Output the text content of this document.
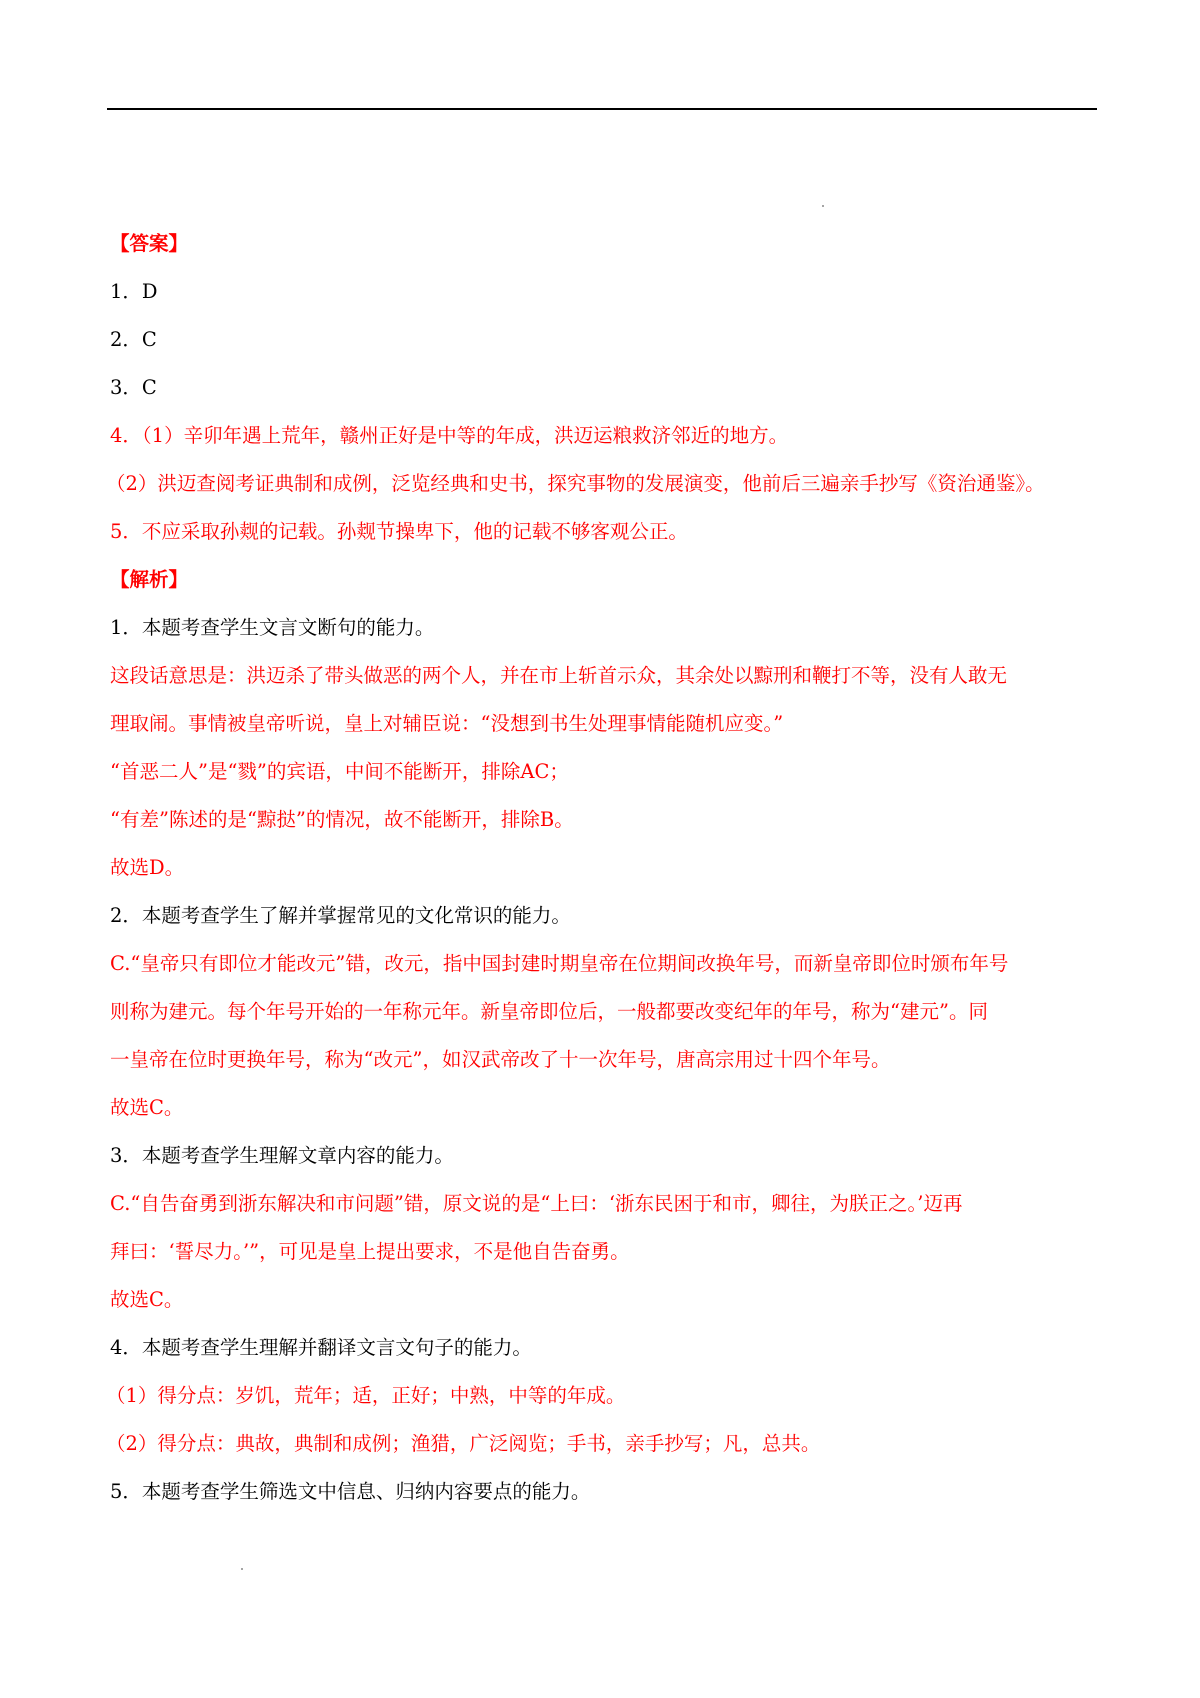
【答案】
1．D
2．C
3．C
4．（1）辛卯年遇上荒年，赣州正好是中等的年成，洪迈运粮救济邻近的地方。
（2）洪迈查阅考证典制和成例，泛览经典和史书，探究事物的发展演变，他前后三遍亲手抄写《资治通鉴》。
5．不应采取孙觌的记载。孙觌节操卑下，他的记载不够客观公正。
【解析】
1．本题考查学生文言文断句的能力。
这段话意思是：洪迈杀了带头做恶的两个人，并在市上斩首示众，其余处以黥刑和鞭打不等，没有人敢无
理取闹。事情被皇帝听说，皇上对辅臣说：“没想到书生处理事情能随机应变。”
“首恶二人”是“戮”的宾语，中间不能断开，排除AC；
“有差”陈述的是“黥挞”的情况，故不能断开，排除B。
故选D。
2．本题考查学生了解并掌握常见的文化常识的能力。
C.“皇帝只有即位才能改元”错，改元，指中国封建时期皇帝在位期间改换年号，而新皇帝即位时颁布年号
则称为建元。每个年号开始的一年称元年。新皇帝即位后，一般都要改变纪年的年号，称为“建元”。同
一皇帝在位时更换年号，称为“改元”，如汉武帝改了十一次年号，唐高宗用过十四个年号。
故选C。
3．本题考查学生理解文章内容的能力。
C.“自告奋勇到浙东解决和市问题”错，原文说的是“上曰：‘浙东民困于和市，卿往，为朕正之。’迈再
拜曰：‘誓尽力。’”，可见是皇上提出要求，不是他自告奋勇。
故选C。
4．本题考查学生理解并翻译文言文句子的能力。
（1）得分点：岁饥，荒年；适，正好；中熟，中等的年成。
（2）得分点：典故，典制和成例；渔猎，广泛阅览；手书，亲手抄写；凡，总共。
5．本题考查学生筛选文中信息、归纳内容要点的能力。
